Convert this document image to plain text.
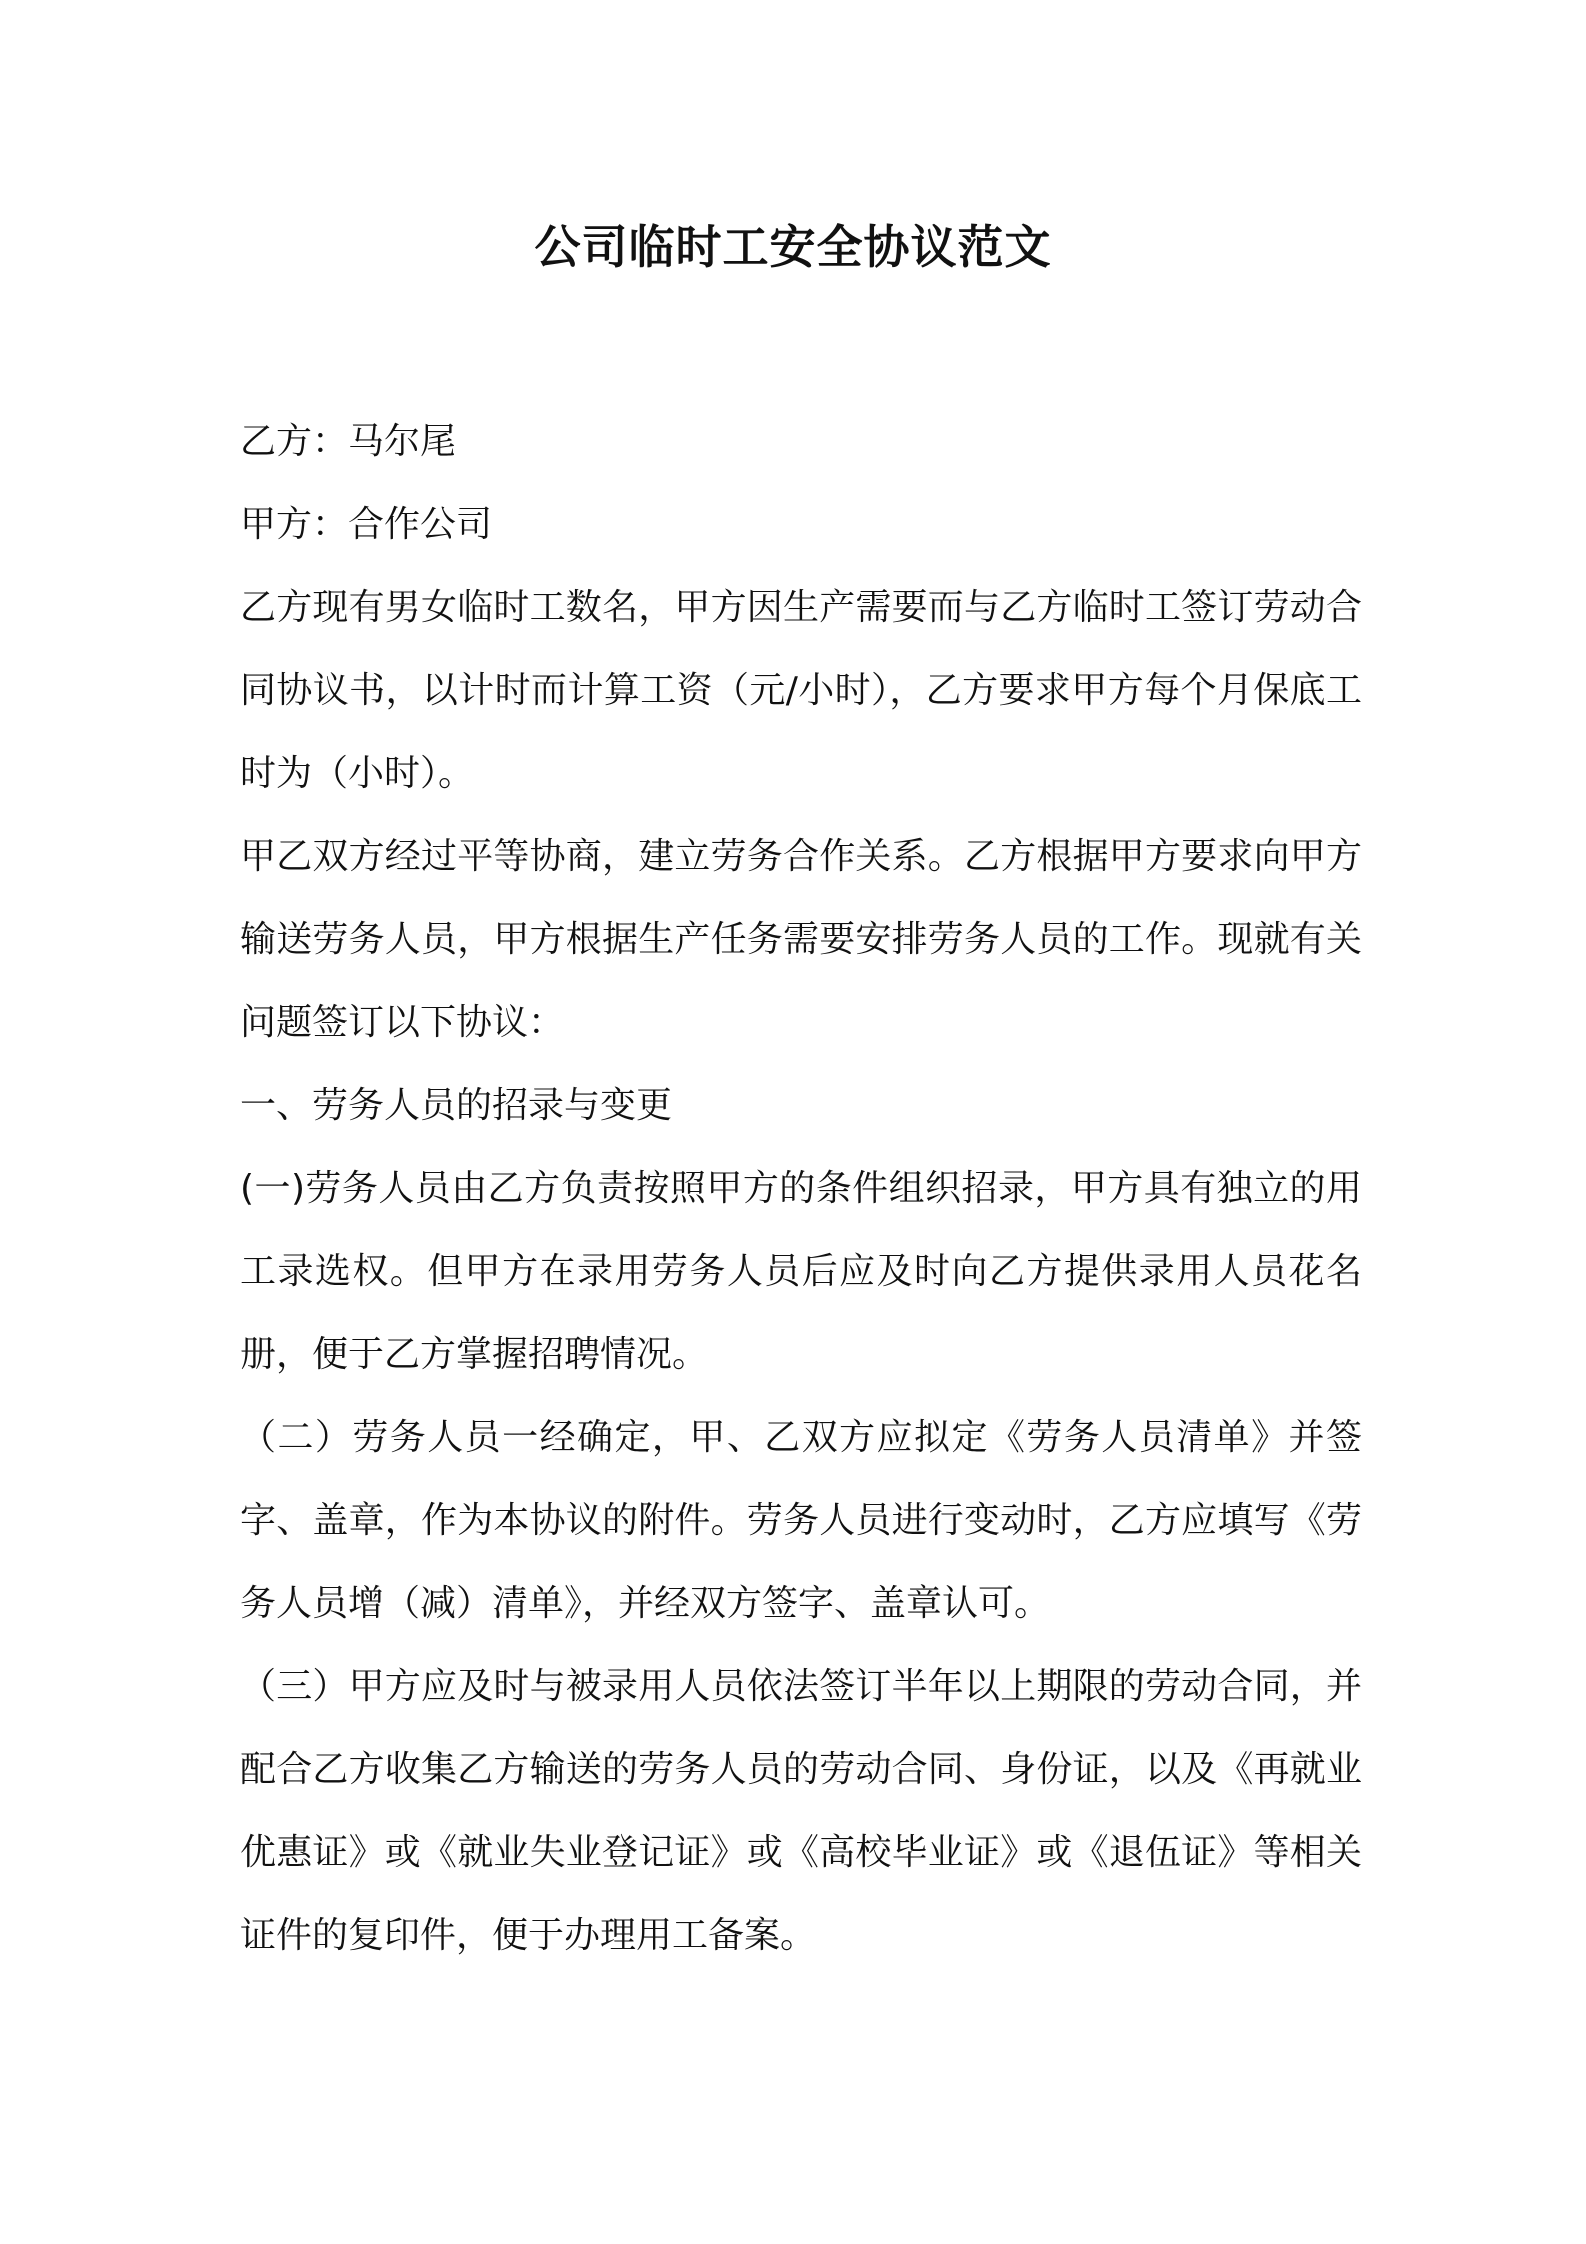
公司临时工安全协议范文

乙方：马尔尾

甲方：合作公司

乙方现有男女临时工数名，甲方因生产需要而与乙方临时工签订劳动合同协议书，以计时而计算工资（元/小时），乙方要求甲方每个月保底工时为（小时）。

甲乙双方经过平等协商，建立劳务合作关系。乙方根据甲方要求向甲方输送劳务人员，甲方根据生产任务需要安排劳务人员的工作。现就有关问题签订以下协议：

一、劳务人员的招录与变更

(一)劳务人员由乙方负责按照甲方的条件组织招录，甲方具有独立的用工录选权。但甲方在录用劳务人员后应及时向乙方提供录用人员花名册，便于乙方掌握招聘情况。

（二）劳务人员一经确定，甲、乙双方应拟定《劳务人员清单》并签字、盖章，作为本协议的附件。劳务人员进行变动时，乙方应填写《劳务人员增（减）清单》，并经双方签字、盖章认可。

（三）甲方应及时与被录用人员依法签订半年以上期限的劳动合同，并配合乙方收集乙方输送的劳务人员的劳动合同、身份证，以及《再就业优惠证》或《就业失业登记证》或《高校毕业证》或《退伍证》等相关证件的复印件，便于办理用工备案。
